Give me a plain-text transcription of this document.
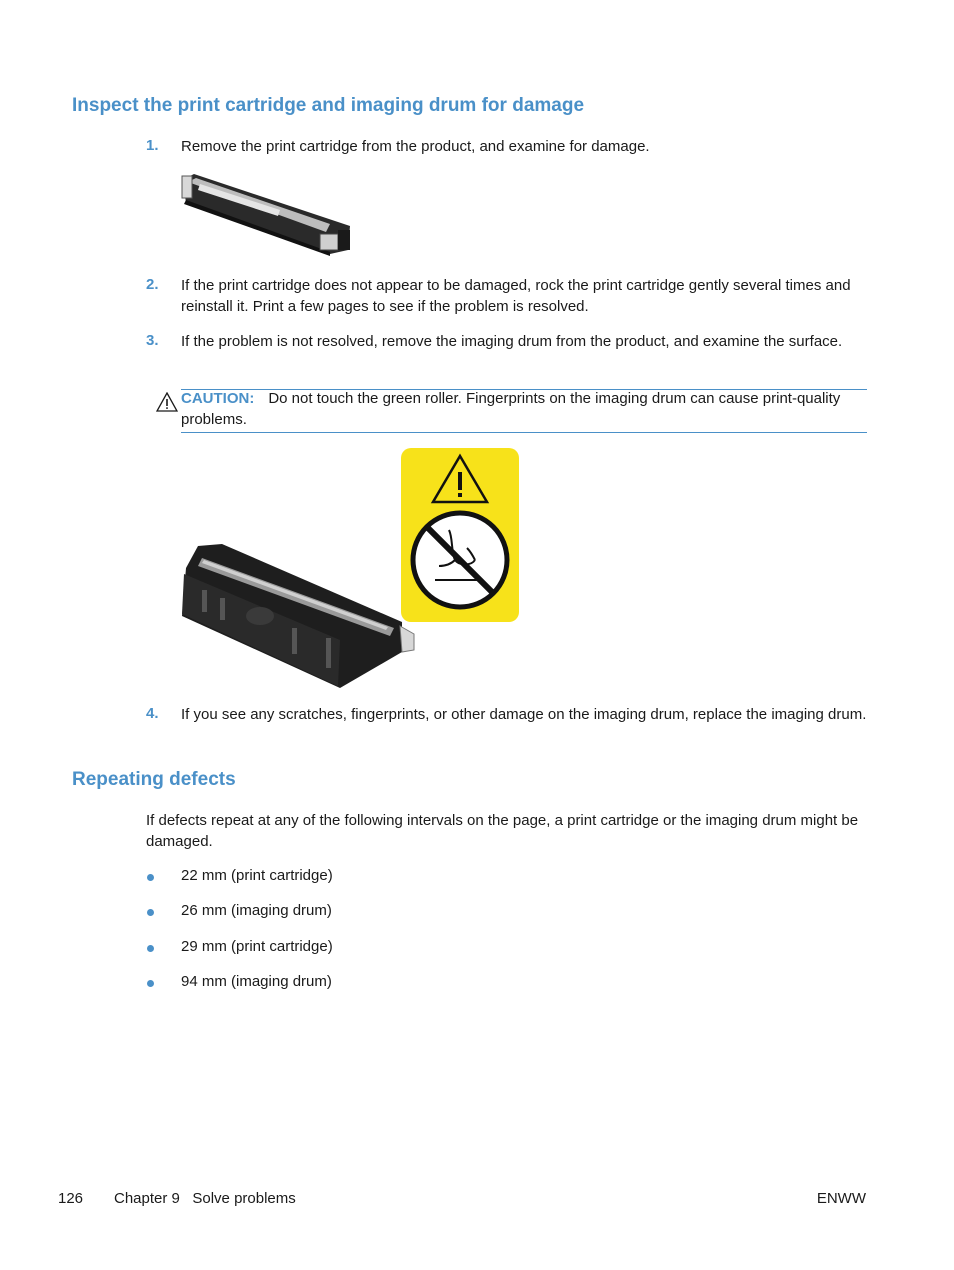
Inspect the print cartridge and imaging drum for damage
1. Remove the print cartridge from the product, and examine for damage.
2. If the print cartridge does not appear to be damaged, rock the print cartridge gently several times and reinstall it. Print a few pages to see if the problem is resolved.
3. If the problem is not resolved, remove the imaging drum from the product, and examine the surface.
CAUTION: Do not touch the green roller. Fingerprints on the imaging drum can cause print-quality problems.
4. If you see any scratches, fingerprints, or other damage on the imaging drum, replace the imaging drum.
Repeating defects
If defects repeat at any of the following intervals on the page, a print cartridge or the imaging drum might be damaged.
22 mm (print cartridge)
26 mm (imaging drum)
29 mm (print cartridge)
94 mm (imaging drum)
126 Chapter 9   Solve problems	ENWW
